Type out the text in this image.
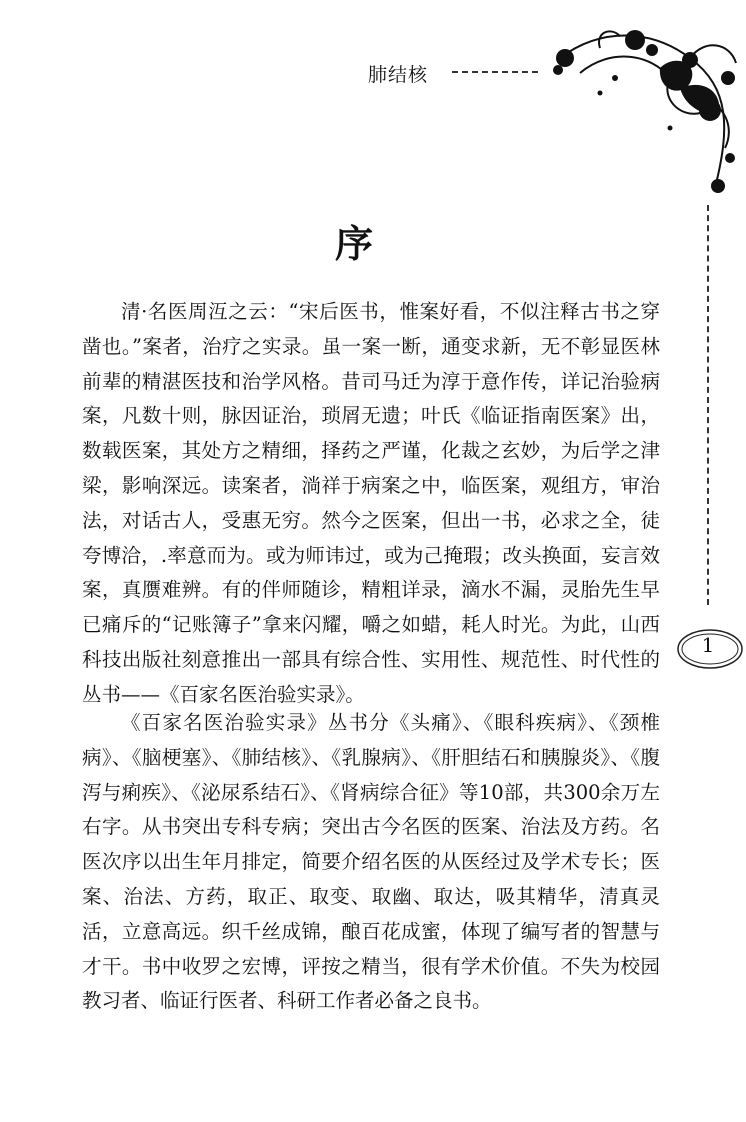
肺结核
1
序

清·名医周沍之云：“宋后医书，惟案好看，不似注释古书之穿凿也。”案者，治疗之实录。虽一案一断，通变求新，无不彰显医林前辈的精湛医技和治学风格。昔司马迁为淳于意作传，详记治验病案，凡数十则，脉因证治，琐屑无遗；叶氏《临证指南医案》出，数载医案，其处方之精细，择药之严谨，化裁之玄妙，为后学之津梁，影响深远。读案者，淌祥于病案之中，临医案，观组方，审治法，对话古人，受惠无穷。然今之医案，但出一书，必求之全，徒夸博洽，.率意而为。或为师讳过，或为己掩瑕；改头换面，妄言效案，真赝难辨。有的伴师随诊，精粗详录，滴水不漏，灵胎先生早已痛斥的“记账簿子”拿来闪耀，嚼之如蜡，耗人时光。为此，山西科技出版社刻意推出一部具有综合性、实用性、规范性、时代性的丛书——《百家名医治验实录》。

《百家名医治验实录》丛书分《头痛》、《眼科疾病》、《颈椎病》、《脑梗塞》、《肺结核》、《乳腺病》、《肝胆结石和胰腺炎》、《腹泻与痢疾》、《泌尿系结石》、《肾病综合征》等10部，共300余万左右字。从书突出专科专病；突出古今名医的医案、治法及方药。名医次序以出生年月排定，简要介绍名医的从医经过及学术专长；医案、治法、方药，取正、取变、取幽、取达，吸其精华，清真灵活，立意高远。织千丝成锦，酿百花成蜜，体现了编写者的智慧与才干。书中收罗之宏博，评按之精当，很有学术价值。不失为校园教习者、临证行医者、科研工作者必备之良书。
